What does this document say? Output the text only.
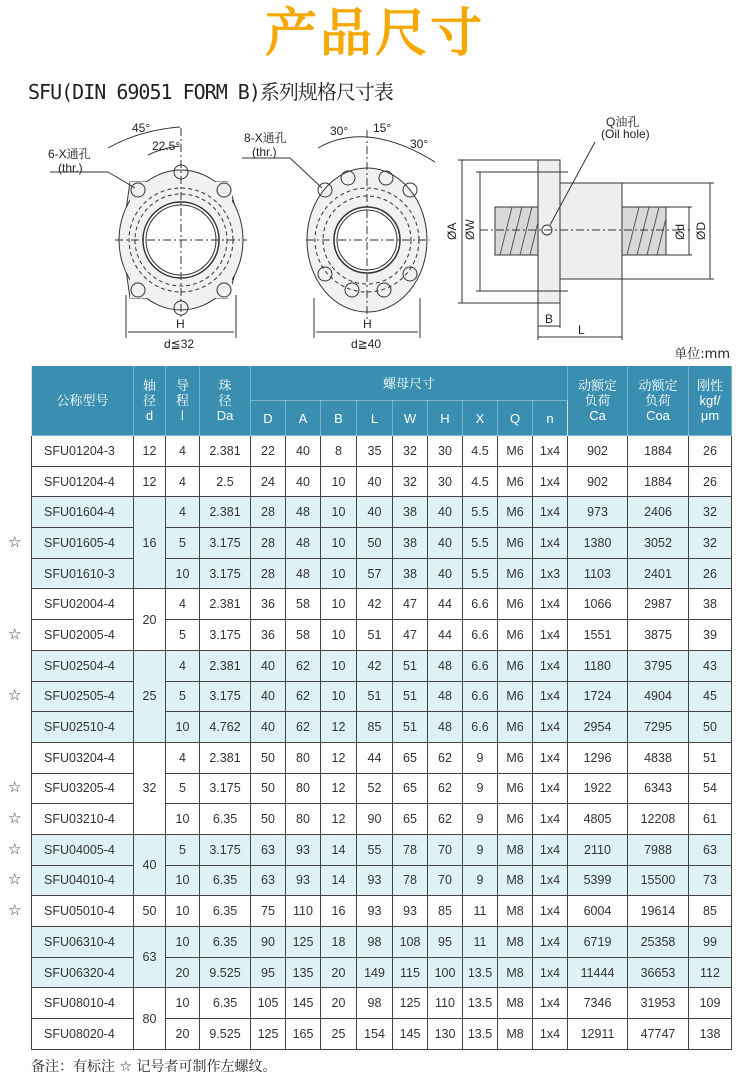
产品尺寸
SFU(DIN 69051 FORM B)系列规格尺寸表
6-X通孔
(thr.)
45°
22.5°
H
d≦32
8-X通孔
(thr.)
30° 15°
30°
H
d≧40
Q油孔
(Oil hole)
ØA ØW	Ød ØD
B
L
单位:mm
公称型号	轴
径
d	导
程
l	珠
径
Da	螺母尺寸									动额定
负荷
Ca	动额定
负荷
Coa	刚性
kgf/
μm
				D	A	B	L	W	H	X	Q	n			
SFU01204-3	12	4	2.381	22	40	8	35	32	30	4.5	M6	1x4	902	1884	26
SFU01204-4	12	4	2.5	24	40	10	40	32	30	4.5	M6	1x4	902	1884	26
SFU01604-4	16	4	2.381	28	48	10	40	38	40	5.5	M6	1x4	973	2406	32
SFU01605-4		5	3.175	28	48	10	50	38	40	5.5	M6	1x4	1380	3052	32
SFU01610-3		10	3.175	28	48	10	57	38	40	5.5	M6	1x3	1103	2401	26
SFU02004-4	20	4	2.381	36	58	10	42	47	44	6.6	M6	1x4	1066	2987	38
SFU02005-4		5	3.175	36	58	10	51	47	44	6.6	M6	1x4	1551	3875	39
SFU02504-4	25	4	2.381	40	62	10	42	51	48	6.6	M6	1x4	1180	3795	43
SFU02505-4		5	3.175	40	62	10	51	51	48	6.6	M6	1x4	1724	4904	45
SFU02510-4		10	4.762	40	62	12	85	51	48	6.6	M6	1x4	2954	7295	50
SFU03204-4	32	4	2.381	50	80	12	44	65	62	9	M6	1x4	1296	4838	51
SFU03205-4		5	3.175	50	80	12	52	65	62	9	M6	1x4	1922	6343	54
SFU03210-4		10	6.35	50	80	12	90	65	62	9	M6	1x4	4805	12208	61
SFU04005-4	40	5	3.175	63	93	14	55	78	70	9	M8	1x4	2110	7988	63
SFU04010-4		10	6.35	63	93	14	93	78	70	9	M8	1x4	5399	15500	73
SFU05010-4	50	10	6.35	75	110	16	93	93	85	11	M8	1x4	6004	19614	85
SFU06310-4	63	10	6.35	90	125	18	98	108	95	11	M8	1x4	6719	25358	99
SFU06320-4		20	9.525	95	135	20	149	115	100	13.5	M8	1x4	11444	36653	112
SFU08010-4	80	10	6.35	105	145	20	98	125	110	13.5	M8	1x4	7346	31953	109
SFU08020-4		20	9.525	125	165	25	154	145	130	13.5	M8	1x4	12911	47747	138
☆
☆
☆
☆
☆
☆
☆
☆
备注：有标注 ☆ 记号者可制作左螺纹。
